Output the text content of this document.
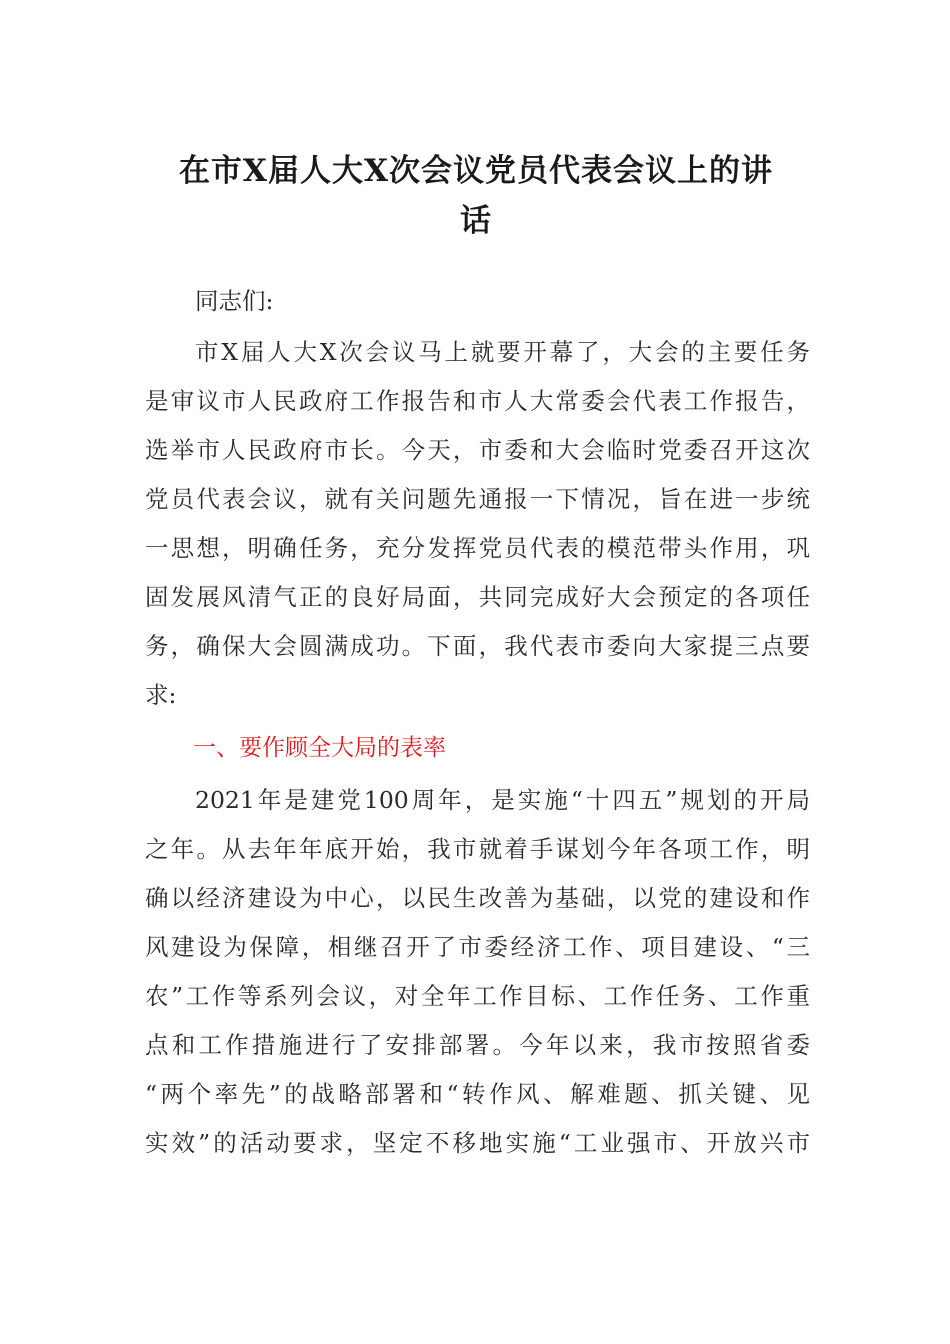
在市X届人大X次会议党员代表会议上的讲
话
同志们:
市X届人大X次会议马上就要开幕了，大会的主要任务
是审议市人民政府工作报告和市人大常委会代表工作报告，
选举市人民政府市长。今天，市委和大会临时党委召开这次
党员代表会议，就有关问题先通报一下情况，旨在进一步统
一思想，明确任务，充分发挥党员代表的模范带头作用，巩
固发展风清气正的良好局面，共同完成好大会预定的各项任
务，确保大会圆满成功。下面，我代表市委向大家提三点要
求:
一、要作顾全大局的表率
2021年是建党100周年，是实施“十四五”规划的开局
之年。从去年年底开始，我市就着手谋划今年各项工作，明
确以经济建设为中心，以民生改善为基础，以党的建设和作
风建设为保障，相继召开了市委经济工作、项目建设、“三
农”工作等系列会议，对全年工作目标、工作任务、工作重
点和工作措施进行了安排部署。今年以来，我市按照省委
“两个率先”的战略部署和“转作风、解难题、抓关键、见
实效”的活动要求，坚定不移地实施“工业强市、开放兴市
